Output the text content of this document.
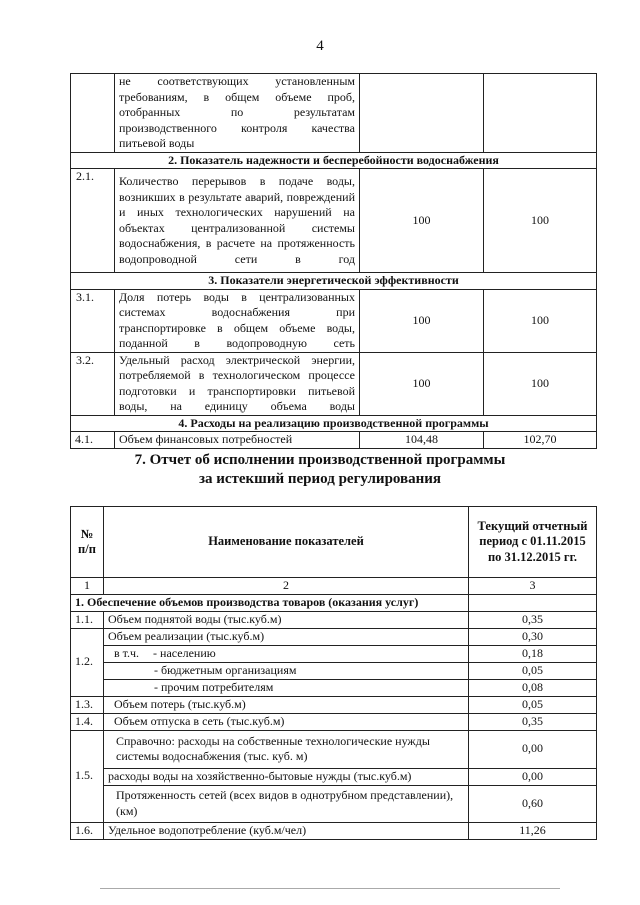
4
	не соответствующих установленным требованиям, в общем объеме проб, отобранных по результатам производственного контроля качества питьевой воды		
2. Показатель надежности и бесперебойности водоснабжения			
2.1.	Количество перерывов в подаче воды, возникших в результате аварий, повреждений и иных технологических нарушений на объектах централизованной системы водоснабжения, в расчете на протяженность водопроводной сети в год	100	100
3. Показатели энергетической эффективности			
3.1.	Доля потерь воды в централизованных системах водоснабжения при транспортировке в общем объеме воды, поданной в водопроводную сеть	100	100
3.2.	Удельный расход электрической энергии, потребляемой в технологическом процессе подготовки и транспортировки питьевой воды, на единицу объема воды	100	100
4. Расходы на реализацию производственной программы			
4.1.	Объем финансовых потребностей	104,48	102,70
7. Отчет об исполнении производственной программы
за истекший период регулирования
№ п/п	Наименование показателей	Текущий отчетный период с 01.11.2015 по 31.12.2015 гг.
1	2	3
1. Обеспечение объемов производства товаров (оказания услуг)		
1.1.	Объем поднятой воды (тыс.куб.м)	0,35
1.2.	Объем реализации (тыс.куб.м)	0,30
	в т.ч. - населению	0,18
	- бюджетным организациям	0,05
	- прочим потребителям	0,08
1.3.	Объем потерь (тыс.куб.м)	0,05
1.4.	Объем отпуска в сеть (тыс.куб.м)	0,35
1.5.	Справочно: расходы на собственные технологические нужды системы водоснабжения (тыс. куб. м)	0,00
	расходы воды на хозяйственно-бытовые нужды (тыс.куб.м)	0,00
	Протяженность сетей (всех видов в однотрубном представлении), (км)	0,60
1.6.	Удельное водопотребление (куб.м/чел)	11,26
